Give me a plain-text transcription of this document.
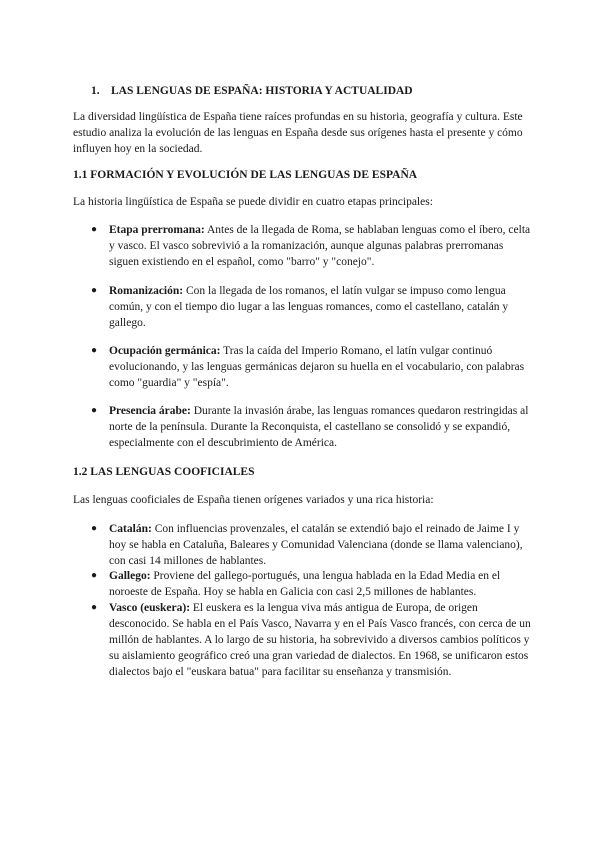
1. LAS LENGUAS DE ESPAÑA: HISTORIA Y ACTUALIDAD
La diversidad lingüística de España tiene raíces profundas en su historia, geografía y cultura. Este estudio analiza la evolución de las lenguas en España desde sus orígenes hasta el presente y cómo influyen hoy en la sociedad.
1.1 FORMACIÓN Y EVOLUCIÓN DE LAS LENGUAS DE ESPAÑA
La historia lingüística de España se puede dividir en cuatro etapas principales:
● Etapa prerromana: Antes de la llegada de Roma, se hablaban lenguas como el íbero, celta y vasco. El vasco sobrevivió a la romanización, aunque algunas palabras prerromanas siguen existiendo en el español, como "barro" y "conejo".
● Romanización: Con la llegada de los romanos, el latín vulgar se impuso como lengua común, y con el tiempo dio lugar a las lenguas romances, como el castellano, catalán y gallego.
● Ocupación germánica: Tras la caída del Imperio Romano, el latín vulgar continuó evolucionando, y las lenguas germánicas dejaron su huella en el vocabulario, con palabras como "guardia" y "espía".
● Presencia árabe: Durante la invasión árabe, las lenguas romances quedaron restringidas al norte de la península. Durante la Reconquista, el castellano se consolidó y se expandió, especialmente con el descubrimiento de América.
1.2 LAS LENGUAS COOFICIALES
Las lenguas cooficiales de España tienen orígenes variados y una rica historia:
● Catalán: Con influencias provenzales, el catalán se extendió bajo el reinado de Jaime I y hoy se habla en Cataluña, Baleares y Comunidad Valenciana (donde se llama valenciano), con casi 14 millones de hablantes.
● Gallego: Proviene del gallego-portugués, una lengua hablada en la Edad Media en el noroeste de España. Hoy se habla en Galicia con casi 2,5 millones de hablantes.
● Vasco (euskera): El euskera es la lengua viva más antigua de Europa, de origen desconocido. Se habla en el País Vasco, Navarra y en el País Vasco francés, con cerca de un millón de hablantes. A lo largo de su historia, ha sobrevivido a diversos cambios políticos y su aislamiento geográfico creó una gran variedad de dialectos. En 1968, se unificaron estos dialectos bajo el "euskara batua" para facilitar su enseñanza y transmisión.
